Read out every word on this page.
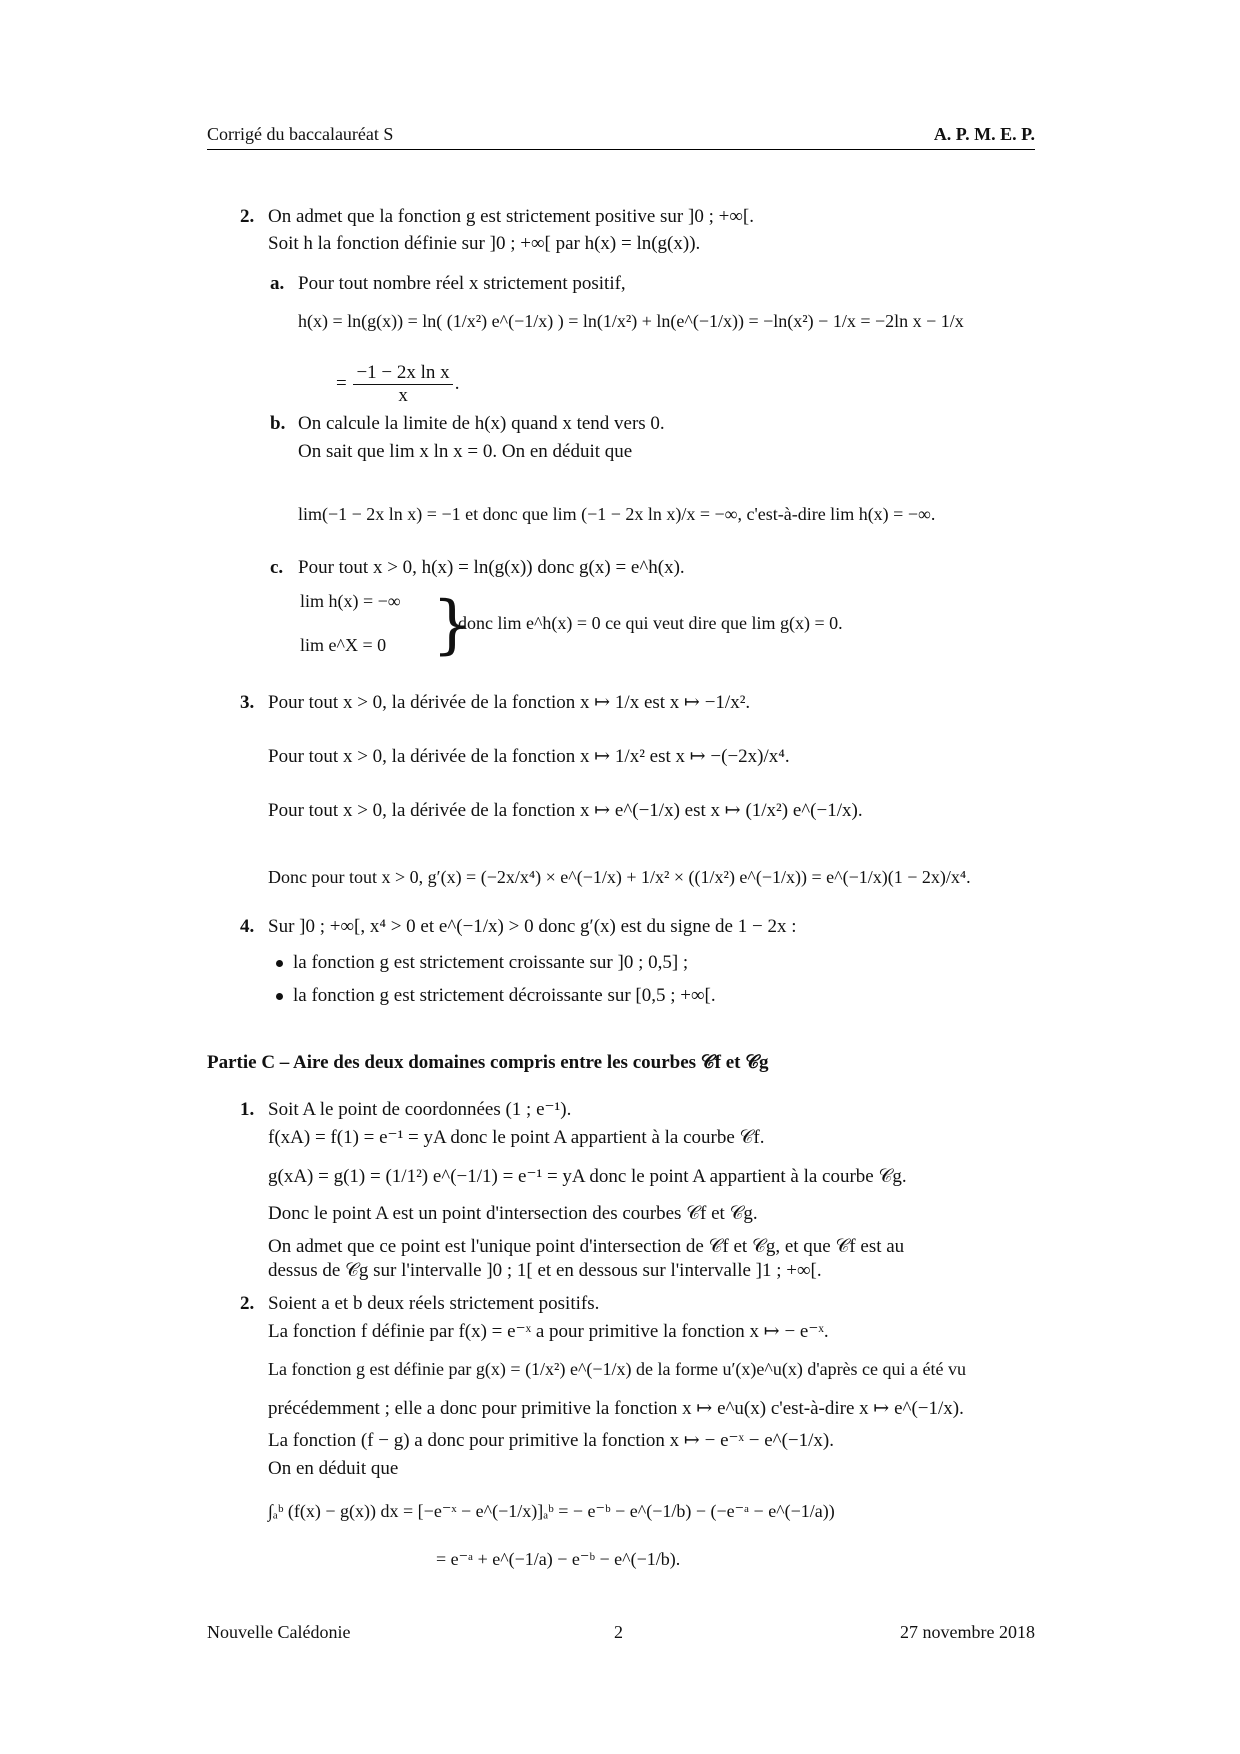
Corrigé du baccalauréat S	A. P. M. E. P.
2. On admet que la fonction g est strictement positive sur ]0 ; +∞[.
Soit h la fonction définie sur ]0 ; +∞[ par h(x) = ln(g(x)).
a. Pour tout nombre réel x strictement positif,
h(x) = ln(g(x)) = ln( (1/x²) e^(−1/x) ) = ln(1/x²) + ln(e^(−1/x)) = −ln(x²) − 1/x = −2ln x − 1/x
= $\frac{\text{−1 − 2x ln x}}{x}$ .
b. On calcule la limite de h(x) quand x tend vers 0.
On sait que lim x ln x = 0. On en déduit que
lim(−1 − 2x ln x) = −1 et donc que lim (−1 − 2x ln x)/x = −∞, c'est-à-dire lim h(x) = −∞.
c. Pour tout x > 0, h(x) = ln(g(x)) donc g(x) = e^h(x).
lim h(x) = −∞
lim e^X = 0 }
donc lim e^h(x) = 0 ce qui veut dire que lim g(x) = 0.
3. Pour tout x > 0, la dérivée de la fonction x ↦ 1/x est x ↦ −1/x².
Pour tout x > 0, la dérivée de la fonction x ↦ 1/x² est x ↦ −(−2x)/x⁴.
Pour tout x > 0, la dérivée de la fonction x ↦ e^(−1/x) est x ↦ (1/x²) e^(−1/x).
Donc pour tout x > 0, g′(x) = (−2x/x⁴) × e^(−1/x) + 1/x² × ((1/x²) e^(−1/x)) = e^(−1/x)(1 − 2x)/x⁴.
4. Sur ]0 ; +∞[, x⁴ > 0 et e^(−1/x) > 0 donc g′(x) est du signe de 1 − 2x :
la fonction g est strictement croissante sur ]0 ; 0,5] ;
la fonction g est strictement décroissante sur [0,5 ; +∞[.
Partie C – Aire des deux domaines compris entre les courbes 𝒞f et 𝒞g
1. Soit A le point de coordonnées (1 ; e⁻¹).
f(xA) = f(1) = e⁻¹ = yA donc le point A appartient à la courbe 𝒞f.
g(xA) = g(1) = (1/1²) e^(−1/1) = e⁻¹ = yA donc le point A appartient à la courbe 𝒞g.
Donc le point A est un point d'intersection des courbes 𝒞f et 𝒞g.
On admet que ce point est l'unique point d'intersection de 𝒞f et 𝒞g, et que 𝒞f est au
dessus de 𝒞g sur l'intervalle ]0 ; 1[ et en dessous sur l'intervalle ]1 ; +∞[.
2. Soient a et b deux réels strictement positifs.
La fonction f définie par f(x) = e⁻ˣ a pour primitive la fonction x ↦ − e⁻ˣ.
La fonction g est définie par g(x) = (1/x²) e^(−1/x) de la forme u′(x)e^u(x) d'après ce qui a été vu
précédemment ; elle a donc pour primitive la fonction x ↦ e^u(x) c'est-à-dire x ↦ e^(−1/x).
La fonction (f − g) a donc pour primitive la fonction x ↦ − e⁻ˣ − e^(−1/x).
On en déduit que
∫ₐᵇ (f(x) − g(x)) dx = [−e⁻ˣ − e^(−1/x)]ₐᵇ = − e⁻ᵇ − e^(−1/b) − (−e⁻ᵃ − e^(−1/a))
= e⁻ᵃ + e^(−1/a) − e⁻ᵇ − e^(−1/b).
Nouvelle Calédonie	2	27 novembre 2018
